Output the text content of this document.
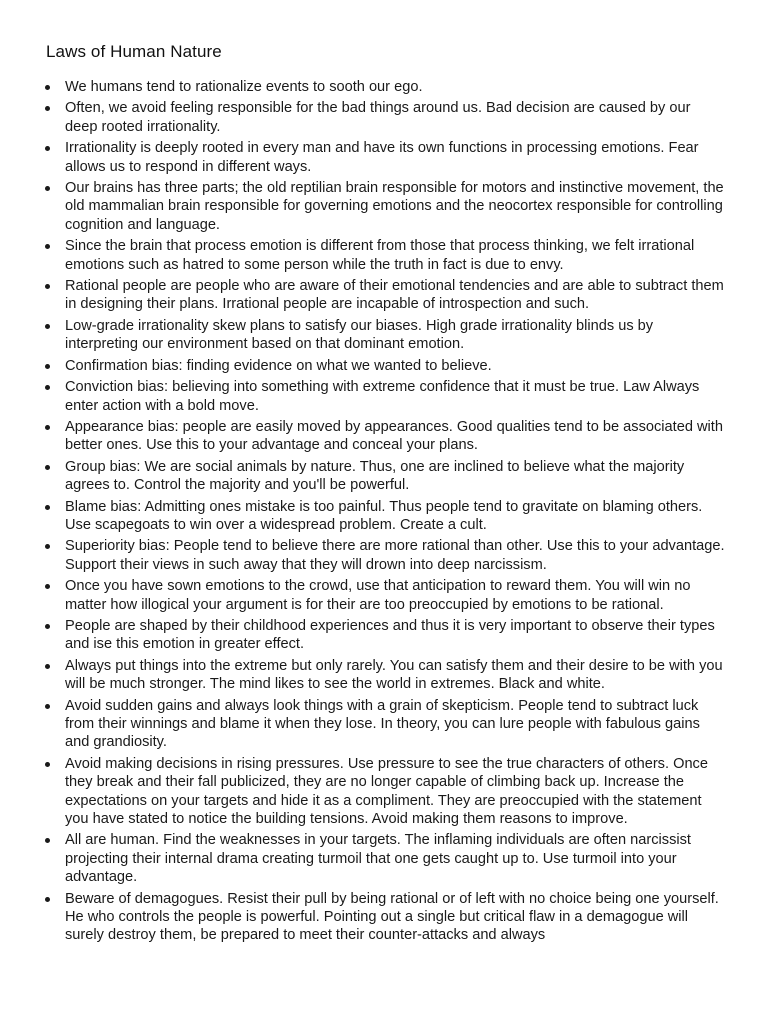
Laws of Human Nature
We humans tend to rationalize events to sooth our ego.
Often, we avoid feeling responsible for the bad things around us. Bad decision are caused by our deep rooted irrationality.
Irrationality is deeply rooted in every man and have its own functions in processing emotions. Fear allows us to respond in different ways.
Our brains has three parts; the old reptilian brain responsible for motors and instinctive movement, the old mammalian brain responsible for governing emotions and the neocortex responsible for controlling cognition and language.
Since the brain that process emotion is different from those that process thinking, we felt irrational emotions such as hatred to some person while the truth in fact is due to envy.
Rational people are people who are aware of their emotional tendencies and are able to subtract them in designing their plans. Irrational people are incapable of introspection and such.
Low-grade irrationality skew plans to satisfy our biases. High grade irrationality blinds us by interpreting our environment based on that dominant emotion.
Confirmation bias: finding evidence on what we wanted to believe.
Conviction bias: believing into something with extreme confidence that it must be true. Law Always enter action with a bold move.
Appearance bias: people are easily moved by appearances. Good qualities tend to be associated with better ones. Use this to your advantage and conceal your plans.
Group bias: We are social animals by nature. Thus, one are inclined to believe what the majority agrees to. Control the majority and you'll be powerful.
Blame bias: Admitting ones mistake is too painful. Thus people tend to gravitate on blaming others. Use scapegoats to win over a widespread problem. Create a cult.
Superiority bias: People tend to believe there are more rational than other. Use this to your advantage. Support their views in such away that they will drown into deep narcissism.
Once you have sown emotions to the crowd, use that anticipation to reward them. You will win no matter how illogical your argument is for their are too preoccupied by emotions to be rational.
People are shaped by their childhood experiences and thus it is very important to observe their types and ise this emotion in greater effect.
Always put things into the extreme but only rarely. You can satisfy them and their desire to be with you will be much stronger. The mind likes to see the world in extremes. Black and white.
Avoid sudden gains and always look things with a grain of skepticism. People tend to subtract luck from their winnings and blame it when they lose. In theory, you can lure people with fabulous gains and grandiosity.
Avoid making decisions in rising pressures. Use pressure to see the true characters of others. Once they break and their fall publicized, they are no longer capable of climbing back up. Increase the expectations on your targets and hide it as a compliment. They are preoccupied with the statement you have stated to notice the building tensions. Avoid making them reasons to improve.
All are human. Find the weaknesses in your targets. The inflaming individuals are often narcissist projecting their internal drama creating turmoil that one gets caught up to. Use turmoil into your advantage.
Beware of demagogues. Resist their pull by being rational or of left with no choice being one yourself. He who controls the people is powerful. Pointing out a single but critical flaw in a demagogue will surely destroy them, be prepared to meet their counter-attacks and always
